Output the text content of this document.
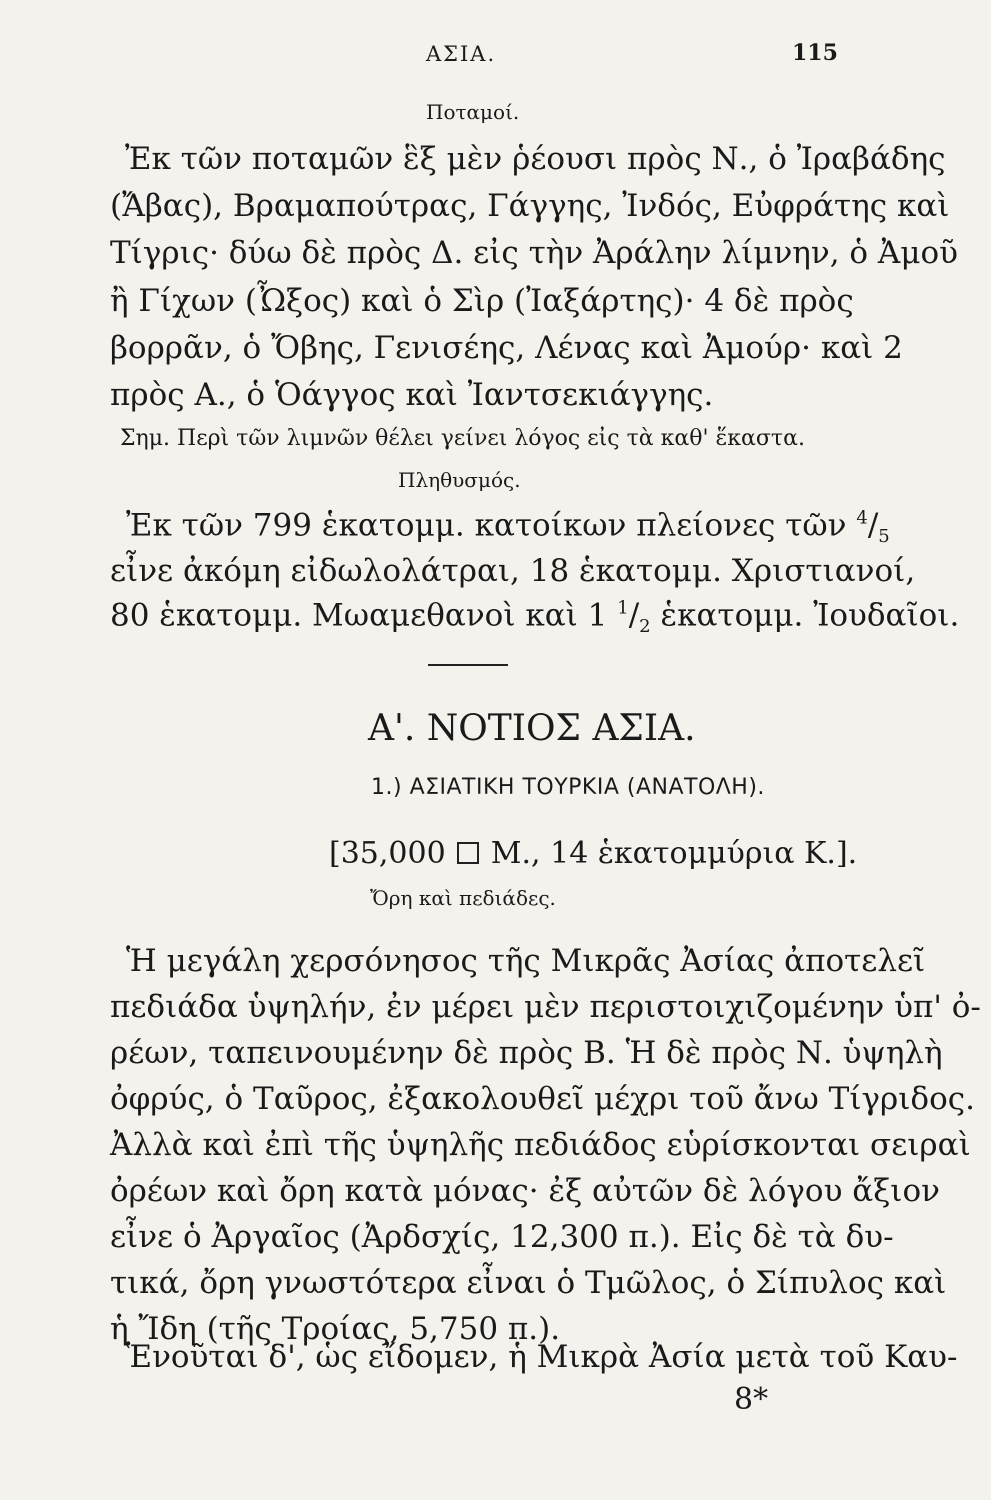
ΑΣΙΑ.	115
Ποταμοί.
Ἐκ τῶν ποταμῶν ἓξ μὲν ῥέουσι πρὸς Ν., ὁ Ἰραβάδης
(Ἄβας), Βραμαπούτρας, Γάγγης, Ἰνδός, Εὐφράτης καὶ
Τίγρις· δύω δὲ πρὸς Δ. εἰς τὴν Ἀράλην λίμνην, ὁ Ἀμοῦ
ἢ Γίχων (Ὦξος) καὶ ὁ Σὶρ (Ἰαξάρτης)· 4 δὲ πρὸς
βορρᾶν, ὁ Ὄβης, Γενισέης, Λένας καὶ Ἀμούρ· καὶ 2
πρὸς Α., ὁ Ὁάγγος καὶ Ἰαντσεκιάγγης.
Σημ. Περὶ τῶν λιμνῶν θέλει γείνει λόγος εἰς τὰ καθ' ἕκαστα.
Πληθυσμός.
Ἐκ τῶν 799 ἑκατομμ. κατοίκων πλείονες τῶν $^4/_5$
εἶνε ἀκόμη εἰδωλολάτραι, 18 ἑκατομμ. Χριστιανοί,
80 ἑκατομμ. Μωαμεθανοὶ καὶ 1 $^1/_2$ ἑκατομμ. Ἰουδαῖοι.
Α'. ΝΟΤΙΟΣ ΑΣΙΑ.
1.) ΑΣΙΑΤΙΚΗ ΤΟΥΡΚΙΑ (ΑΝΑΤΟΛΗ).
[35,000 Μ., 14 ἑκατομμύρια Κ.].
Ὄρη καὶ πεδιάδες.
Ἡ μεγάλη χερσόνησος τῆς Μικρᾶς Ἀσίας ἀποτελεῖ
πεδιάδα ὑψηλήν, ἐν μέρει μὲν περιστοιχιζομένην ὑπ' ὀ-
ρέων, ταπεινουμένην δὲ πρὸς Β. Ἡ δὲ πρὸς Ν. ὑψηλὴ
ὀφρύς, ὁ Ταῦρος, ἐξακολουθεῖ μέχρι τοῦ ἄνω Τίγριδος.
Ἀλλὰ καὶ ἐπὶ τῆς ὑψηλῆς πεδιάδος εὑρίσκονται σειραὶ
ὀρέων καὶ ὄρη κατὰ μόνας· ἐξ αὐτῶν δὲ λόγου ἄξιον
εἶνε ὁ Ἀργαῖος (Ἀρδσχίς, 12,300 π.). Εἰς δὲ τὰ δυ-
τικά, ὄρη γνωστότερα εἶναι ὁ Τμῶλος, ὁ Σίπυλος καὶ
ἡ Ἴδη (τῆς Τροίας, 5,750 π.).
Ἑνοῦται δ', ὡς εἴδομεν, ἡ Μικρὰ Ἀσία μετὰ τοῦ Καυ-
8*
